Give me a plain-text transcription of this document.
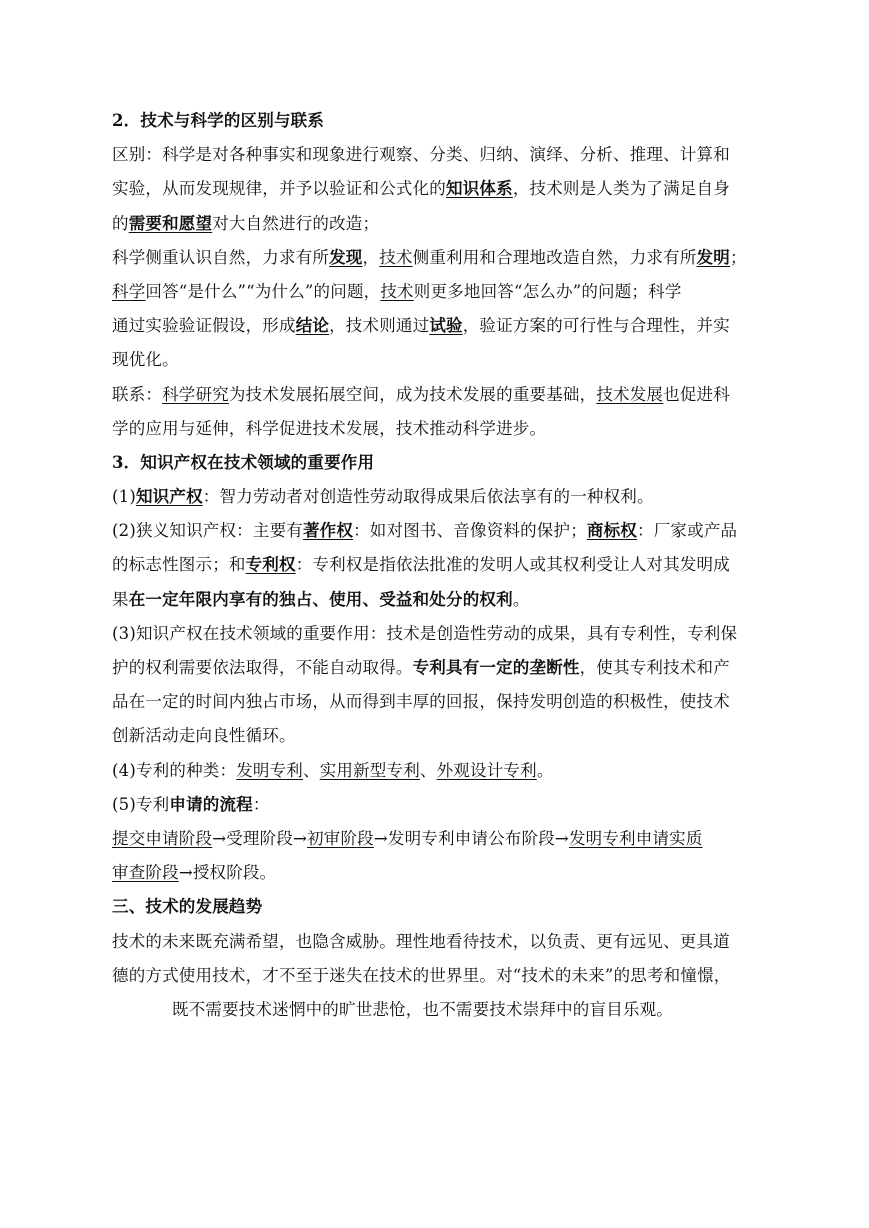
2．技术与科学的区别与联系
区别：科学是对各种事实和现象进行观察、分类、归纳、演绎、分析、推理、计算和
实验，从而发现规律，并予以验证和公式化的 知识体系 ，技术则是人类为了满足自身
的 需要和愿望 对大自然进行的改造；
科学侧重认识自然，力求有所 发现 ， 技术 侧重利用和合理地改造自然，力求有所 发明 ；
科学 回答“是什么”“为什么”的问题， 技术 则更多地回答“怎么办”的问题；科学
通过实验验证假设，形成 结论 ，技术则通过 试验 ，验证方案的可行性与合理性，并实
现优化。
联系： 科学研究 为技术发展拓展空间，成为技术发展的重要基础， 技术发展 也促进科
学的应用与延伸，科学促进技术发展，技术推动科学进步。
3．知识产权在技术领域的重要作用
(1) 知识产权 ：智力劳动者对创造性劳动取得成果后依法享有的一种权利。
(2)狭义知识产权：主要有 著作权 ：如对图书、音像资料的保护； 商标权 ：厂家或产品
的标志性图示；和 专利权 ：专利权是指依法批准的发明人或其权利受让人对其发明成
果 在一定年限内享有的独占、使用、受益和处分的权利 。
(3)知识产权在技术领域的重要作用：技术是创造性劳动的成果，具有专利性，专利保
护的权利需要依法取得，不能自动取得。 专利具有一定的垄断性 ，使其专利技术和产
品在一定的时间内独占市场，从而得到丰厚的回报，保持发明创造的积极性，使技术
创新活动走向良性循环。
(4)专利的种类： 发明专利 、 实用新型专利 、 外观设计专利 。
(5)专利 申请的流程 ：
提交申请阶段 →受理阶段→ 初审阶段 →发明专利申请公布阶段→ 发明专利申请实质
审查阶段 →授权阶段。
三、技术的发展趋势
技术的未来既充满希望，也隐含威胁。理性地看待技术，以负责、更有远见、更具道
德的方式使用技术，才不至于迷失在技术的世界里。对“技术的未来”的思考和憧憬，
既不需要技术迷惘中的旷世悲怆，也不需要技术崇拜中的盲目乐观。
